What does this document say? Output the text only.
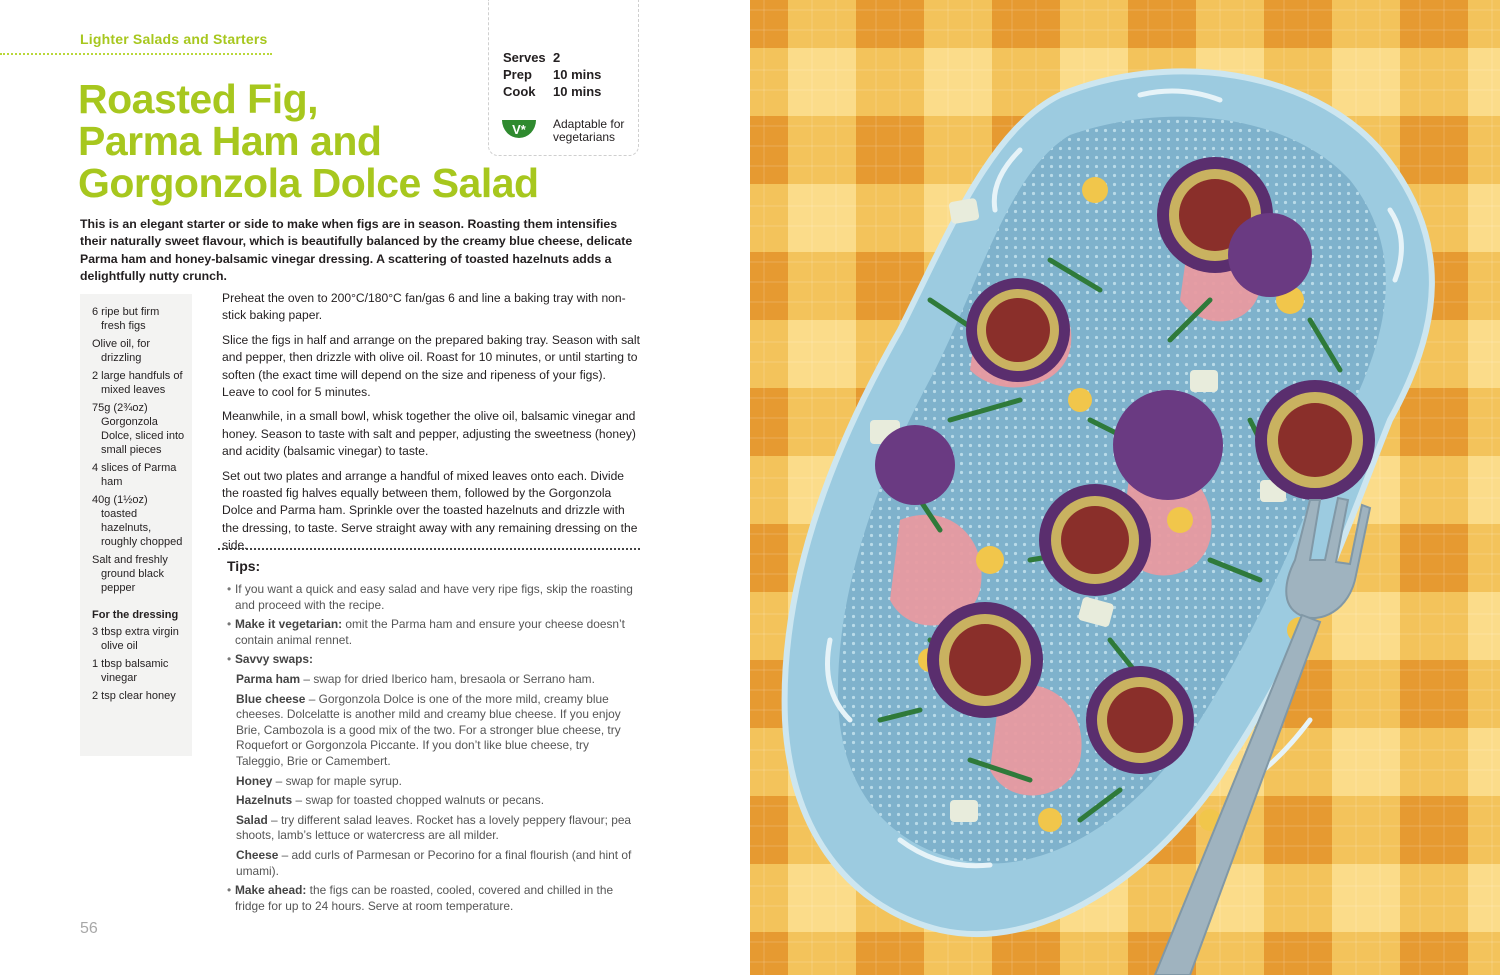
Lighter Salads and Starters
Roasted Fig,
Parma Ham and
Gorgonzola Dolce Salad
Serves 2
Prep 10 mins
Cook 10 mins
V*	Adaptable for vegetarians

This is an elegant starter or side to make when figs are in season. Roasting them intensifies their naturally sweet flavour, which is beautifully balanced by the creamy blue cheese, delicate Parma ham and honey-balsamic vinegar dressing. A scattering of toasted hazelnuts adds a delightfully nutty crunch.

6 ripe but firm fresh figs
Olive oil, for drizzling
2 large handfuls of mixed leaves
75g (2¾oz) Gorgonzola Dolce, sliced into small pieces
4 slices of Parma ham
40g (1½oz) toasted hazelnuts, roughly chopped
Salt and freshly ground black pepper
For the dressing
3 tbsp extra virgin olive oil
1 tbsp balsamic vinegar
2 tsp clear honey

Preheat the oven to 200°C/180°C fan/gas 6 and line a baking tray with non-stick baking paper.

Slice the figs in half and arrange on the prepared baking tray. Season with salt and pepper, then drizzle with olive oil. Roast for 10 minutes, or until starting to soften (the exact time will depend on the size and ripeness of your figs). Leave to cool for 5 minutes.

Meanwhile, in a small bowl, whisk together the olive oil, balsamic vinegar and honey. Season to taste with salt and pepper, adjusting the sweetness (honey) and acidity (balsamic vinegar) to taste.

Set out two plates and arrange a handful of mixed leaves onto each. Divide the roasted fig halves equally between them, followed by the Gorgonzola Dolce and Parma ham. Sprinkle over the toasted hazelnuts and drizzle with the dressing, to taste. Serve straight away with any remaining dressing on the side.

Tips:
• If you want a quick and easy salad and have very ripe figs, skip the roasting and proceed with the recipe.
• Make it vegetarian: omit the Parma ham and ensure your cheese doesn’t contain animal rennet.
• Savvy swaps:
Parma ham – swap for dried Iberico ham, bresaola or Serrano ham.
Blue cheese – Gorgonzola Dolce is one of the more mild, creamy blue cheeses. Dolcelatte is another mild and creamy blue cheese. If you enjoy Brie, Cambozola is a good mix of the two. For a stronger blue cheese, try Roquefort or Gorgonzola Piccante. If you don’t like blue cheese, try Taleggio, Brie or Camembert.
Honey – swap for maple syrup.
Hazelnuts – swap for toasted chopped walnuts or pecans.
Salad – try different salad leaves. Rocket has a lovely peppery flavour; pea shoots, lamb’s lettuce or watercress are all milder.
Cheese – add curls of Parmesan or Pecorino for a final flourish (and hint of umami).
• Make ahead: the figs can be roasted, cooled, covered and chilled in the fridge for up to 24 hours. Serve at room temperature.
56
